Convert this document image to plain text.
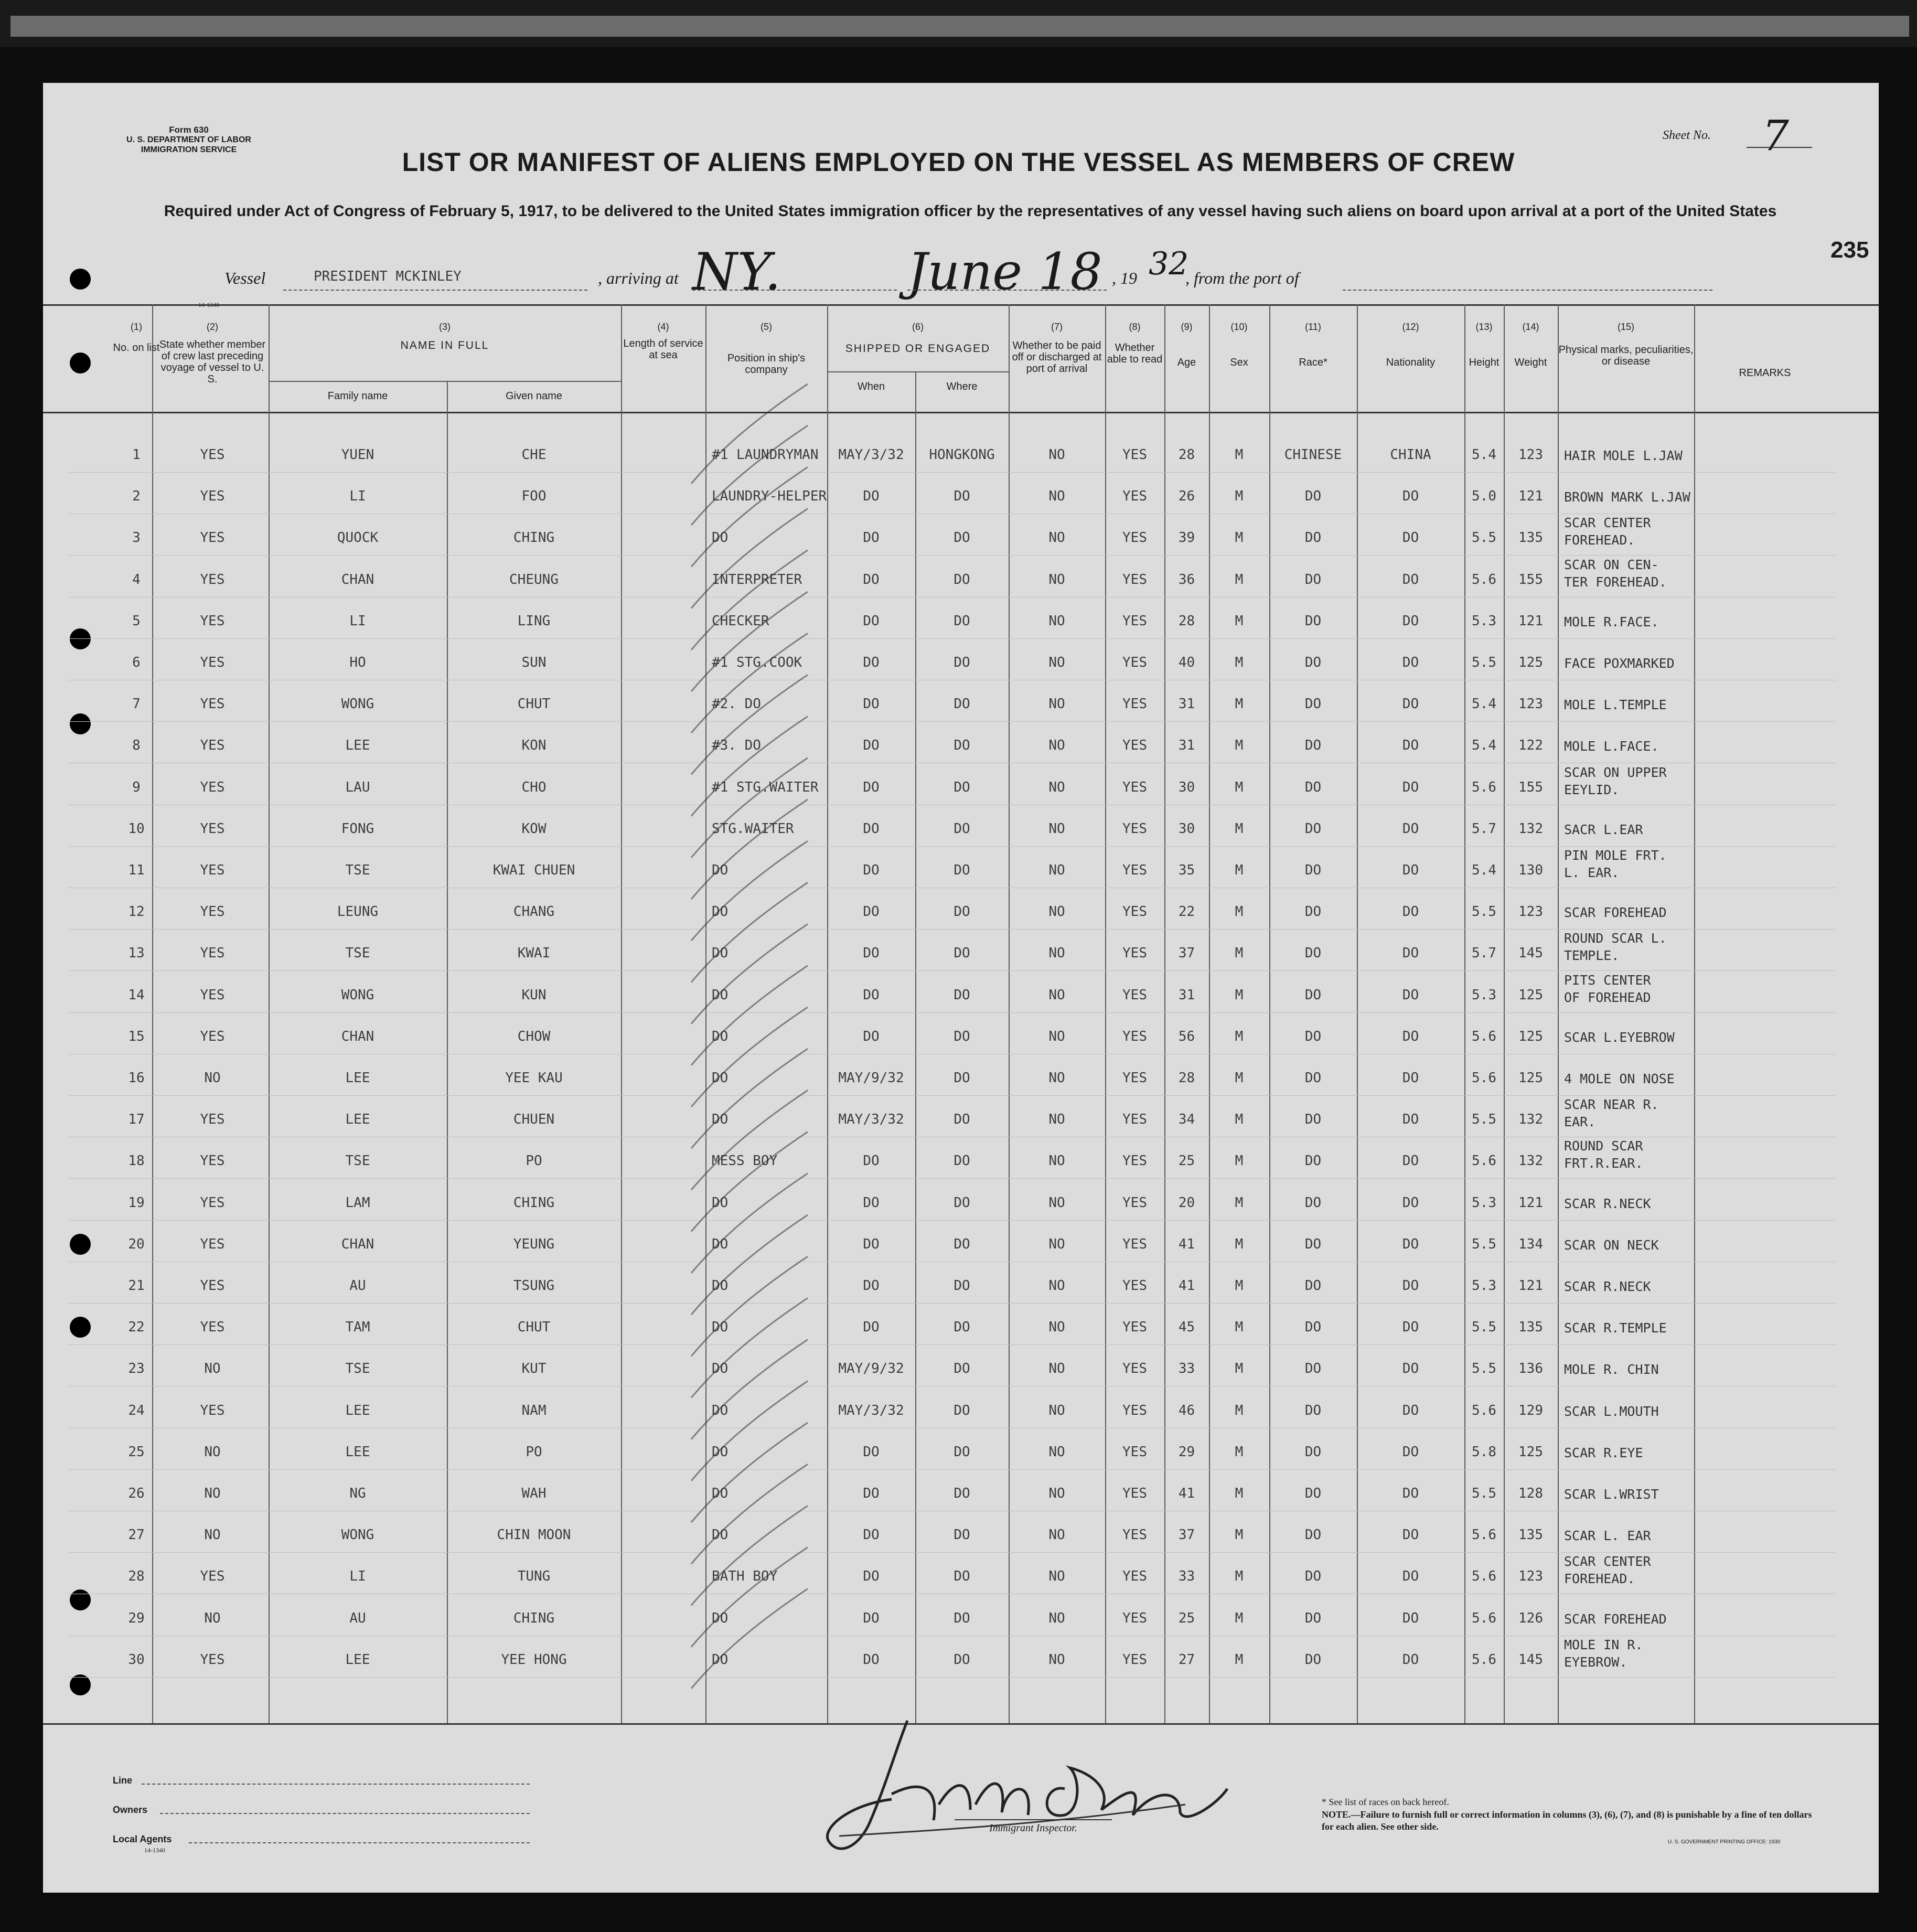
Form 630
U. S. DEPARTMENT OF LABOR
IMMIGRATION SERVICE
Sheet No. 7
LIST OR MANIFEST OF ALIENS EMPLOYED ON THE VESSEL AS MEMBERS OF CREW
Required under Act of Congress of February 5, 1917, to be delivered to the United States immigration officer by the representatives of any vessel having such aliens on board upon arrival at a port of the United States
235
Vessel	PRESIDENT MCKINLEY	, arriving at NY.	June 18 , 19 32
, from the port of
14-1340
(1)
No. on list
(2)
State whether member of crew last preceding voyage of vessel to U. S.
(3)
NAME IN FULL
Family name	Given name
(4)
Length of service at sea
(5)
Position in ship's company
(6)
SHIPPED OR ENGAGED
When	Where
(7)
Whether to be paid off or discharged at port of arrival
(8)
Whether able to read
(9)
Age
(10)
Sex
(11)
Race*
(12)
Nationality
(13)
Height
(14)
Weight
(15)
Physical marks, peculiarities, or disease
REMARKS
1	YES	YUEN	CHE	#1 LAUNDRYMAN	MAY/3/32	HONGKONG	NO	YES	28	M	CHINESE	CHINA	5.4	123	HAIR MOLE L.JAW
2	YES	LI	FOO	LAUNDRY-HELPER	DO	DO	NO	YES	26	M	DO	DO	5.0	121	BROWN MARK L.JAW
3	YES	QUOCK	CHING	DO	DO	DO	NO	YES	39	M	DO	DO	5.5	135
SCAR CENTER
FOREHEAD.
4	YES	CHAN	CHEUNG	INTERPRETER	DO	DO	NO	YES	36	M	DO	DO	5.6	155
SCAR ON CEN-
TER FOREHEAD.
5	YES	LI	LING	CHECKER	DO	DO	NO	YES	28	M	DO	DO	5.3	121	MOLE R.FACE.
6	YES	HO	SUN	#1 STG.COOK	DO	DO	NO	YES	40	M	DO	DO	5.5	125	FACE POXMARKED
7	YES	WONG	CHUT	#2. DO	DO	DO	NO	YES	31	M	DO	DO	5.4	123	MOLE L.TEMPLE
8	YES	LEE	KON	#3. DO	DO	DO	NO	YES	31	M	DO	DO	5.4	122	MOLE L.FACE.
9	YES	LAU	CHO	#1 STG.WAITER	DO	DO	NO	YES	30	M	DO	DO	5.6	155
SCAR ON UPPER
EEYLID.
10	YES	FONG	KOW	STG.WAITER	DO	DO	NO	YES	30	M	DO	DO	5.7	132	SACR L.EAR
11	YES	TSE	KWAI CHUEN	DO	DO	DO	NO	YES	35	M	DO	DO	5.4	130
PIN MOLE FRT.
L. EAR.
12	YES	LEUNG	CHANG	DO	DO	DO	NO	YES	22	M	DO	DO	5.5	123	SCAR FOREHEAD
13	YES	TSE	KWAI	DO	DO	DO	NO	YES	37	M	DO	DO	5.7	145
ROUND SCAR L.
TEMPLE.
14	YES	WONG	KUN	DO	DO	DO	NO	YES	31	M	DO	DO	5.3	125
PITS CENTER
OF FOREHEAD
15	YES	CHAN	CHOW	DO	DO	DO	NO	YES	56	M	DO	DO	5.6	125	SCAR L.EYEBROW
16	NO	LEE	YEE KAU	DO	MAY/9/32	DO	NO	YES	28	M	DO	DO	5.6	125	4 MOLE ON NOSE
17	YES	LEE	CHUEN	DO	MAY/3/32	DO	NO	YES	34	M	DO	DO	5.5	132
SCAR NEAR R.
EAR.
18	YES	TSE	PO	MESS BOY	DO	DO	NO	YES	25	M	DO	DO	5.6	132
ROUND SCAR
FRT.R.EAR.
19	YES	LAM	CHING	DO	DO	DO	NO	YES	20	M	DO	DO	5.3	121	SCAR R.NECK
20	YES	CHAN	YEUNG	DO	DO	DO	NO	YES	41	M	DO	DO	5.5	134	SCAR ON NECK
21	YES	AU	TSUNG	DO	DO	DO	NO	YES	41	M	DO	DO	5.3	121	SCAR R.NECK
22	YES	TAM	CHUT	DO	DO	DO	NO	YES	45	M	DO	DO	5.5	135	SCAR R.TEMPLE
23	NO	TSE	KUT	DO	MAY/9/32	DO	NO	YES	33	M	DO	DO	5.5	136	MOLE R. CHIN
24	YES	LEE	NAM	DO	MAY/3/32	DO	NO	YES	46	M	DO	DO	5.6	129	SCAR L.MOUTH
25	NO	LEE	PO	DO	DO	DO	NO	YES	29	M	DO	DO	5.8	125	SCAR R.EYE
26	NO	NG	WAH	DO	DO	DO	NO	YES	41	M	DO	DO	5.5	128	SCAR L.WRIST
27	NO	WONG	CHIN MOON	DO	DO	DO	NO	YES	37	M	DO	DO	5.6	135	SCAR L. EAR
28	YES	LI	TUNG	BATH BOY	DO	DO	NO	YES	33	M	DO	DO	5.6	123
SCAR CENTER
FOREHEAD.
29	NO	AU	CHING	DO	DO	DO	NO	YES	25	M	DO	DO	5.6	126	SCAR FOREHEAD
30	YES	LEE	YEE HONG	DO	DO	DO	NO	YES	27	M	DO	DO	5.6	145
MOLE IN R.
EYEBROW.
Immigrant Inspector.
Line
Owners
Local Agents
14-1340
* See list of races on back hereof.
NOTE.—Failure to furnish full or correct information in columns (3), (6), (7), and (8) is punishable by a fine of ten dollars for each alien. See other side.
U. S. GOVERNMENT PRINTING OFFICE: 1930
